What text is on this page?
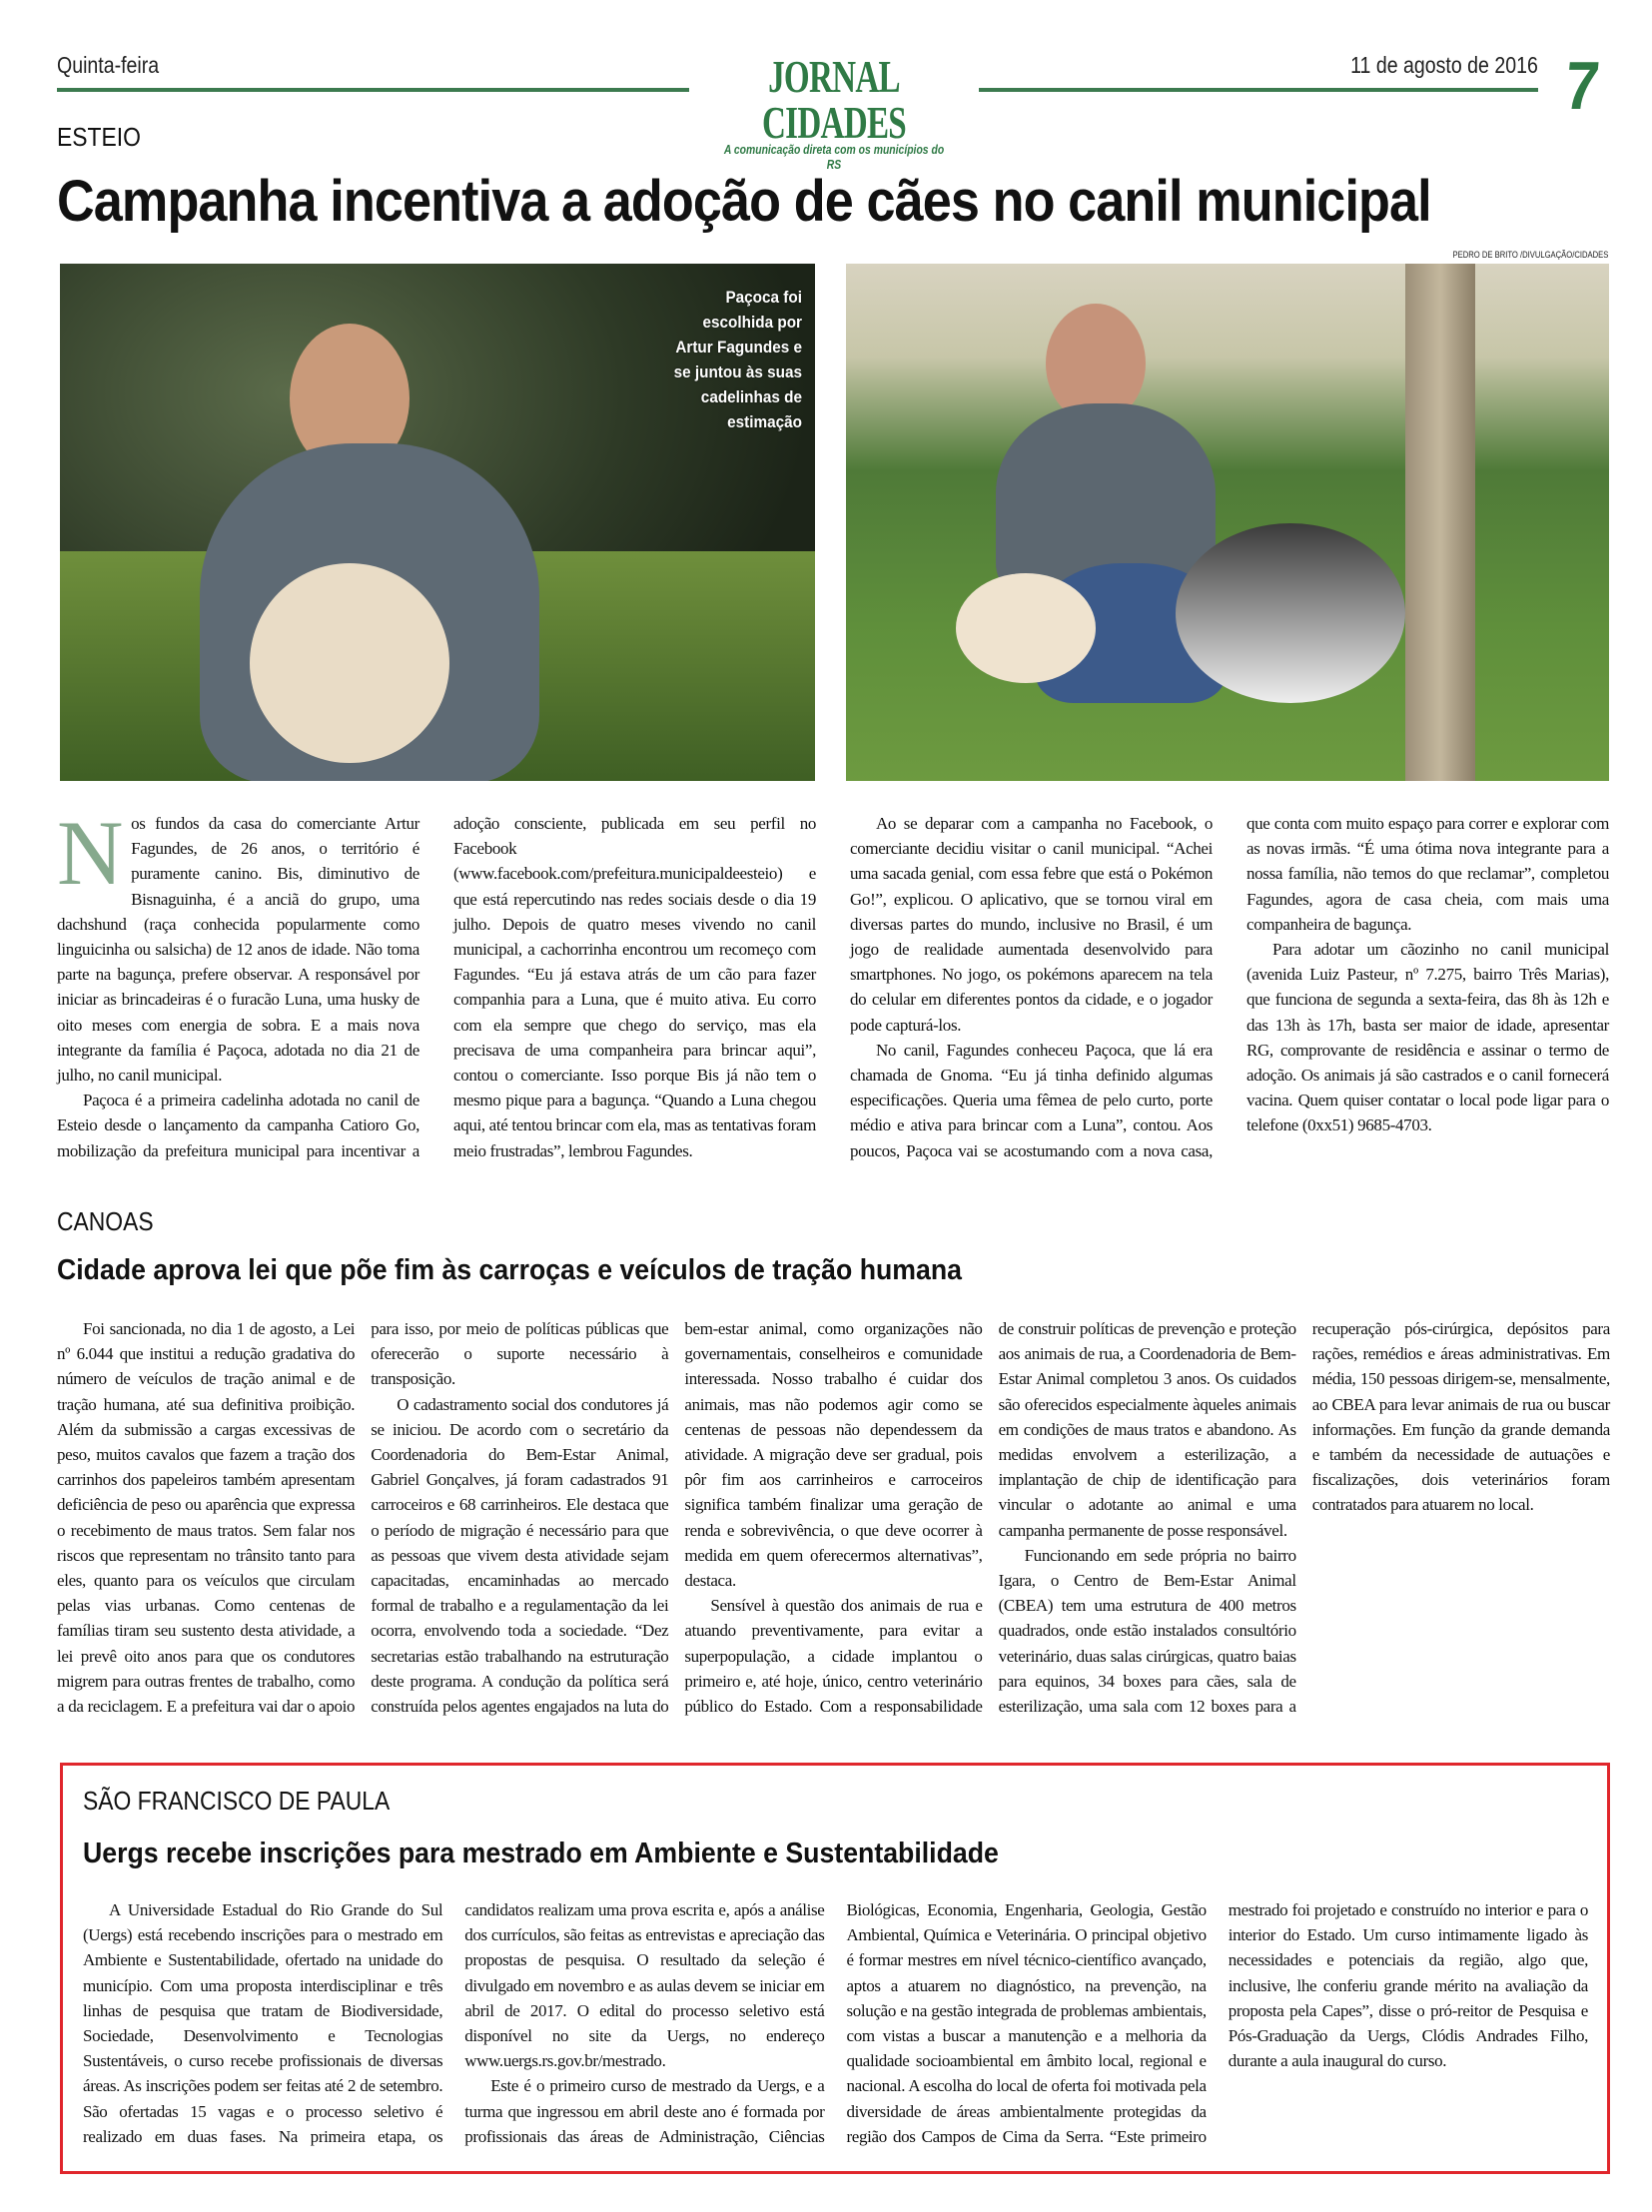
Quinta-feira	JORNAL CIDADES
A comunicação direta com os municípios do RS
11 de agosto de 2016 7
ESTEIO
Campanha incentiva a adoção de cães no canil municipal
PEDRO DE BRITO /DIVULGAÇÃO/CIDADES
Paçoca foi escolhida por Artur Fagundes e se juntou às suas cadelinhas de estimação

Nos fundos da casa do comerciante Artur Fagundes, de 26 anos, o território é puramente canino. Bis, diminutivo de Bisnaguinha, é a anciã do grupo, uma dachshund (raça conhecida popularmente como linguicinha ou salsicha) de 12 anos de idade. Não toma parte na bagunça, prefere observar. A responsável por iniciar as brincadeiras é o furacão Luna, uma husky de oito meses com energia de sobra. E a mais nova integrante da família é Paçoca, adotada no dia 21 de julho, no canil municipal.

Paçoca é a primeira cadelinha adotada no canil de Esteio desde o lançamento da campanha Catioro Go, mobilização da prefeitura municipal para incentivar a adoção consciente, publicada em seu perfil no Facebook (www.facebook.com/prefeitura.municipaldeesteio) e que está repercutindo nas redes sociais desde o dia 19 julho. Depois de quatro meses vivendo no canil municipal, a cachorrinha encontrou um recomeço com Fagundes. “Eu já estava atrás de um cão para fazer companhia para a Luna, que é muito ativa. Eu corro com ela sempre que chego do serviço, mas ela precisava de uma companheira para brincar aqui”, contou o comerciante. Isso porque Bis já não tem o mesmo pique para a bagunça. “Quando a Luna chegou aqui, até tentou brincar com ela, mas as tentativas foram meio frustradas”, lembrou Fagundes.

Ao se deparar com a campanha no Facebook, o comerciante decidiu visitar o canil municipal. “Achei uma sacada genial, com essa febre que está o Pokémon Go!”, explicou. O aplicativo, que se tornou viral em diversas partes do mundo, inclusive no Brasil, é um jogo de realidade aumentada desenvolvido para smartphones. No jogo, os pokémons aparecem na tela do celular em diferentes pontos da cidade, e o jogador pode capturá-los.

No canil, Fagundes conheceu Paçoca, que lá era chamada de Gnoma. “Eu já tinha definido algumas especificações. Queria uma fêmea de pelo curto, porte médio e ativa para brincar com a Luna”, contou. Aos poucos, Paçoca vai se acostumando com a nova casa, que conta com muito espaço para correr e explorar com as novas irmãs. “É uma ótima nova integrante para a nossa família, não temos do que reclamar”, completou Fagundes, agora de casa cheia, com mais uma companheira de bagunça.

Para adotar um cãozinho no canil municipal (avenida Luiz Pasteur, nº 7.275, bairro Três Marias), que funciona de segunda a sexta-feira, das 8h às 12h e das 13h às 17h, basta ser maior de idade, apresentar RG, comprovante de residência e assinar o termo de adoção. Os animais já são castrados e o canil fornecerá vacina. Quem quiser contatar o local pode ligar para o telefone (0xx51) 9685-4703.

CANOAS
Cidade aprova lei que põe fim às carroças e veículos de tração humana

Foi sancionada, no dia 1 de agosto, a Lei nº 6.044 que institui a redução gradativa do número de veículos de tração animal e de tração humana, até sua definitiva proibição. Além da submissão a cargas excessivas de peso, muitos cavalos que fazem a tração dos carrinhos dos papeleiros também apresentam deficiência de peso ou aparência que expressa o recebimento de maus tratos. Sem falar nos riscos que representam no trânsito tanto para eles, quanto para os veículos que circulam pelas vias urbanas. Como centenas de famílias tiram seu sustento desta atividade, a lei prevê oito anos para que os condutores migrem para outras frentes de trabalho, como a da reciclagem. E a prefeitura vai dar o apoio para isso, por meio de políticas públicas que oferecerão o suporte necessário à transposição.

O cadastramento social dos condutores já se iniciou. De acordo com o secretário da Coordenadoria do Bem-Estar Animal, Gabriel Gonçalves, já foram cadastrados 91 carroceiros e 68 carrinheiros. Ele destaca que o período de migração é necessário para que as pessoas que vivem desta atividade sejam capacitadas, encaminhadas ao mercado formal de trabalho e a regulamentação da lei ocorra, envolvendo toda a sociedade. “Dez secretarias estão trabalhando na estruturação deste programa. A condução da política será construída pelos agentes engajados na luta do bem-estar animal, como organizações não governamentais, conselheiros e comunidade interessada. Nosso trabalho é cuidar dos animais, mas não podemos agir como se centenas de pessoas não dependessem da atividade. A migração deve ser gradual, pois pôr fim aos carrinheiros e carroceiros significa também finalizar uma geração de renda e sobrevivência, o que deve ocorrer à medida em quem oferecermos alternativas”, destaca.

Sensível à questão dos animais de rua e atuando preventivamente, para evitar a superpopulação, a cidade implantou o primeiro e, até hoje, único, centro veterinário público do Estado. Com a responsabilidade de construir políticas de prevenção e proteção aos animais de rua, a Coordenadoria de Bem-Estar Animal completou 3 anos. Os cuidados são oferecidos especialmente àqueles animais em condições de maus tratos e abandono. As medidas envolvem a esterilização, a implantação de chip de identificação para vincular o adotante ao animal e uma campanha permanente de posse responsável.

Funcionando em sede própria no bairro Igara, o Centro de Bem-Estar Animal (CBEA) tem uma estrutura de 400 metros quadrados, onde estão instalados consultório veterinário, duas salas cirúrgicas, quatro baias para equinos, 34 boxes para cães, sala de esterilização, uma sala com 12 boxes para a recuperação pós-cirúrgica, depósitos para rações, remédios e áreas administrativas. Em média, 150 pessoas dirigem-se, mensalmente, ao CBEA para levar animais de rua ou buscar informações. Em função da grande demanda e também da necessidade de autuações e fiscalizações, dois veterinários foram contratados para atuarem no local.

SÃO FRANCISCO DE PAULA
Uergs recebe inscrições para mestrado em Ambiente e Sustentabilidade

A Universidade Estadual do Rio Grande do Sul (Uergs) está recebendo inscrições para o mestrado em Ambiente e Sustentabilidade, ofertado na unidade do município. Com uma proposta interdisciplinar e três linhas de pesquisa que tratam de Biodiversidade, Sociedade, Desenvolvimento e Tecnologias Sustentáveis, o curso recebe profissionais de diversas áreas. As inscrições podem ser feitas até 2 de setembro. São ofertadas 15 vagas e o processo seletivo é realizado em duas fases. Na primeira etapa, os candidatos realizam uma prova escrita e, após a análise dos currículos, são feitas as entrevistas e apreciação das propostas de pesquisa. O resultado da seleção é divulgado em novembro e as aulas devem se iniciar em abril de 2017. O edital do processo seletivo está disponível no site da Uergs, no endereço www.uergs.rs.gov.br/mestrado.

Este é o primeiro curso de mestrado da Uergs, e a turma que ingressou em abril deste ano é formada por profissionais das áreas de Administração, Ciências Biológicas, Economia, Engenharia, Geologia, Gestão Ambiental, Química e Veterinária. O principal objetivo é formar mestres em nível técnico-científico avançado, aptos a atuarem no diagnóstico, na prevenção, na solução e na gestão integrada de problemas ambientais, com vistas a buscar a manutenção e a melhoria da qualidade socioambiental em âmbito local, regional e nacional. A escolha do local de oferta foi motivada pela diversidade de áreas ambientalmente protegidas da região dos Campos de Cima da Serra. “Este primeiro mestrado foi projetado e construído no interior e para o interior do Estado. Um curso intimamente ligado às necessidades e potenciais da região, algo que, inclusive, lhe conferiu grande mérito na avaliação da proposta pela Capes”, disse o pró-reitor de Pesquisa e Pós-Graduação da Uergs, Clódis Andrades Filho, durante a aula inaugural do curso.
